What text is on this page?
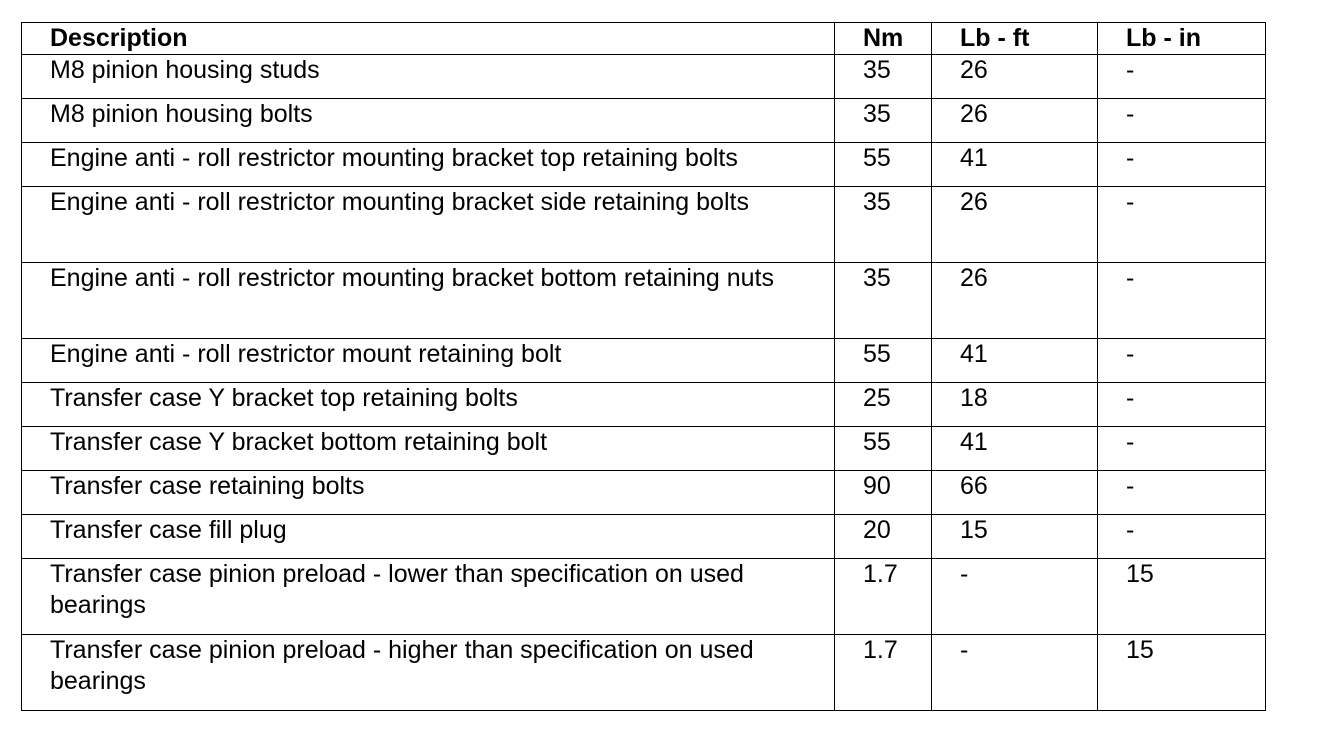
Description	Nm	Lb - ft	Lb - in
M8 pinion housing studs	35	26	-
M8 pinion housing bolts	35	26	-
Engine anti - roll restrictor mounting bracket top retaining bolts	55	41	-
Engine anti - roll restrictor mounting bracket side retaining bolts	35	26	-
Engine anti - roll restrictor mounting bracket bottom retaining nuts	35	26	-
Engine anti - roll restrictor mount retaining bolt	55	41	-
Transfer case Y bracket top retaining bolts	25	18	-
Transfer case Y bracket bottom retaining bolt	55	41	-
Transfer case retaining bolts	90	66	-
Transfer case fill plug	20	15	-
Transfer case pinion preload - lower than specification on used bearings	1.7	-	15
Transfer case pinion preload - higher than specification on used bearings	1.7	-	15
